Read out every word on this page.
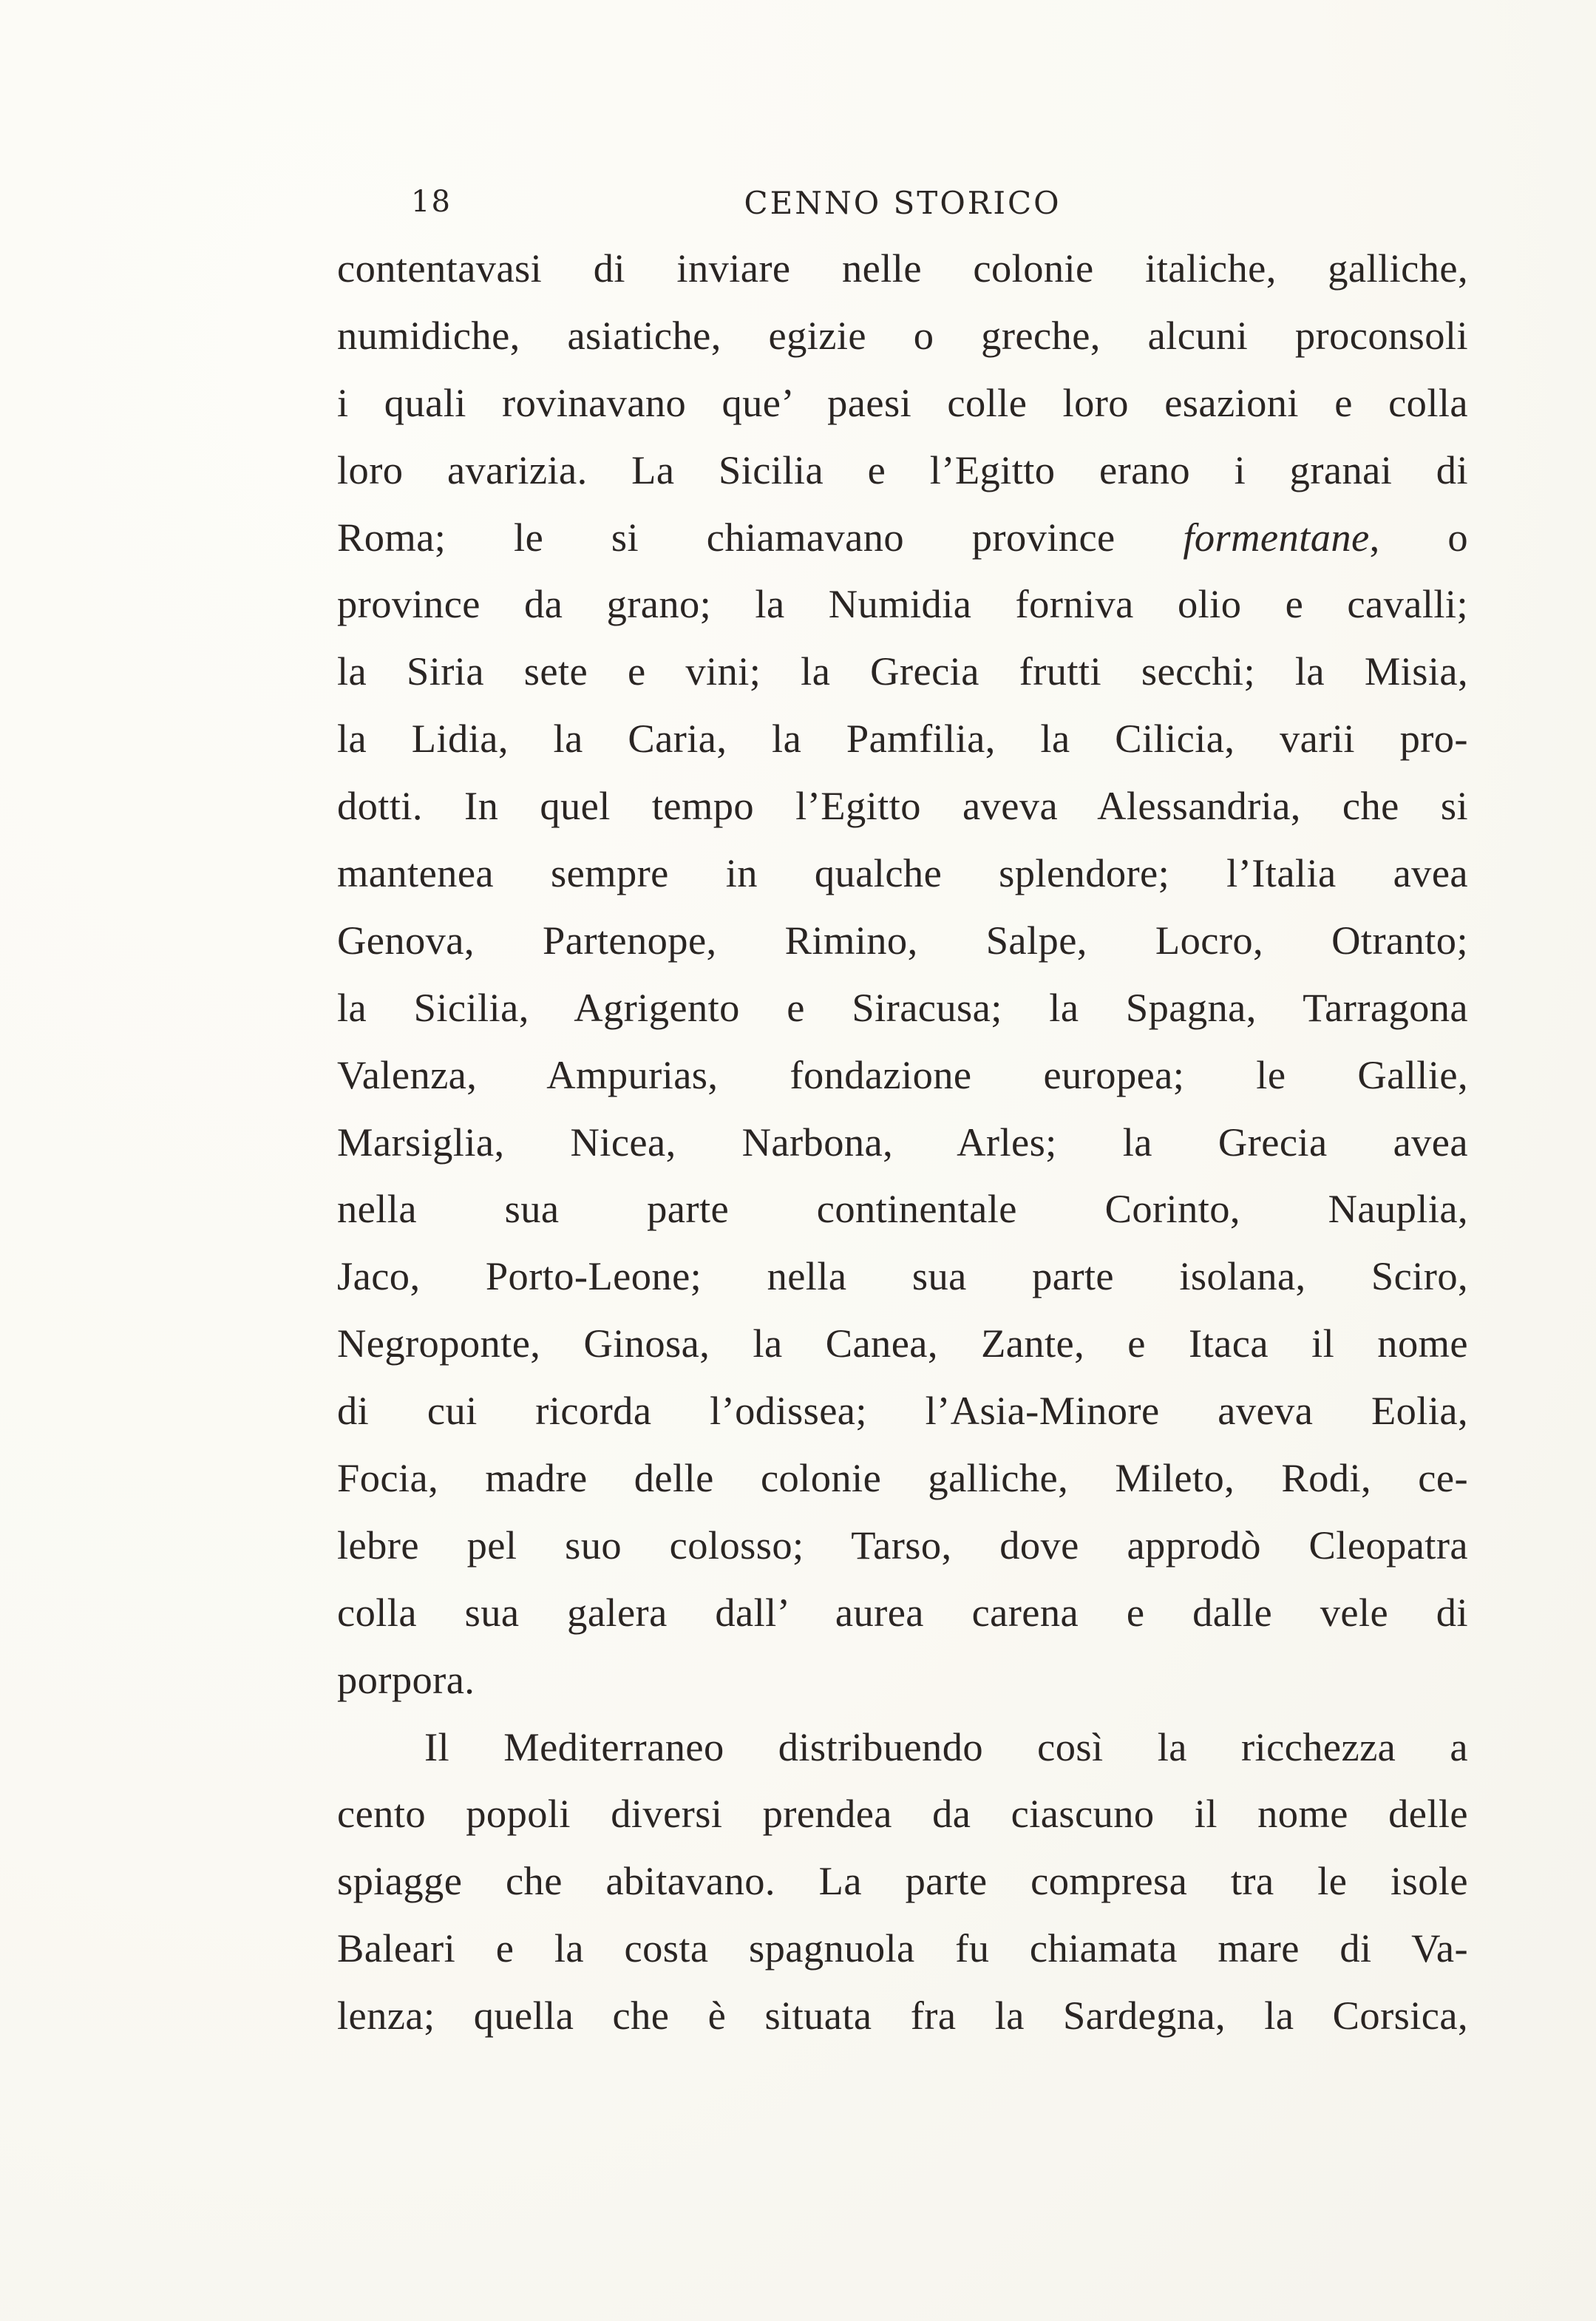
18	CENNO STORICO
contentavasi di inviare nelle colonie italiche, galliche,
numidiche, asiatiche, egizie o greche, alcuni proconsoli
i quali rovinavano que’ paesi colle loro esazioni e colla
loro avarizia. La Sicilia e l’Egitto erano i granai di
Roma; le si chiamavano province formentane, o
province da grano; la Numidia forniva olio e cavalli;
la Siria sete e vini; la Grecia frutti secchi; la Misia,
la Lidia, la Caria, la Pamfilia, la Cilicia, varii pro-
dotti. In quel tempo l’Egitto aveva Alessandria, che si
mantenea sempre in qualche splendore; l’Italia avea
Genova, Partenope, Rimino, Salpe, Locro, Otranto;
la Sicilia, Agrigento e Siracusa; la Spagna, Tarragona
Valenza, Ampurias, fondazione europea; le Gallie,
Marsiglia, Nicea, Narbona, Arles; la Grecia avea
nella sua parte continentale Corinto, Nauplia,
Jaco, Porto-Leone; nella sua parte isolana, Sciro,
Negroponte, Ginosa, la Canea, Zante, e Itaca il nome
di cui ricorda l’odissea; l’Asia-Minore aveva Eolia,
Focia, madre delle colonie galliche, Mileto, Rodi, ce-
lebre pel suo colosso; Tarso, dove approdò Cleopatra
colla sua galera dall’ aurea carena e dalle vele di
porpora.
Il Mediterraneo distribuendo così la ricchezza a
cento popoli diversi prendea da ciascuno il nome delle
spiagge che abitavano. La parte compresa tra le isole
Baleari e la costa spagnuola fu chiamata mare di Va-
lenza; quella che è situata fra la Sardegna, la Corsica,
